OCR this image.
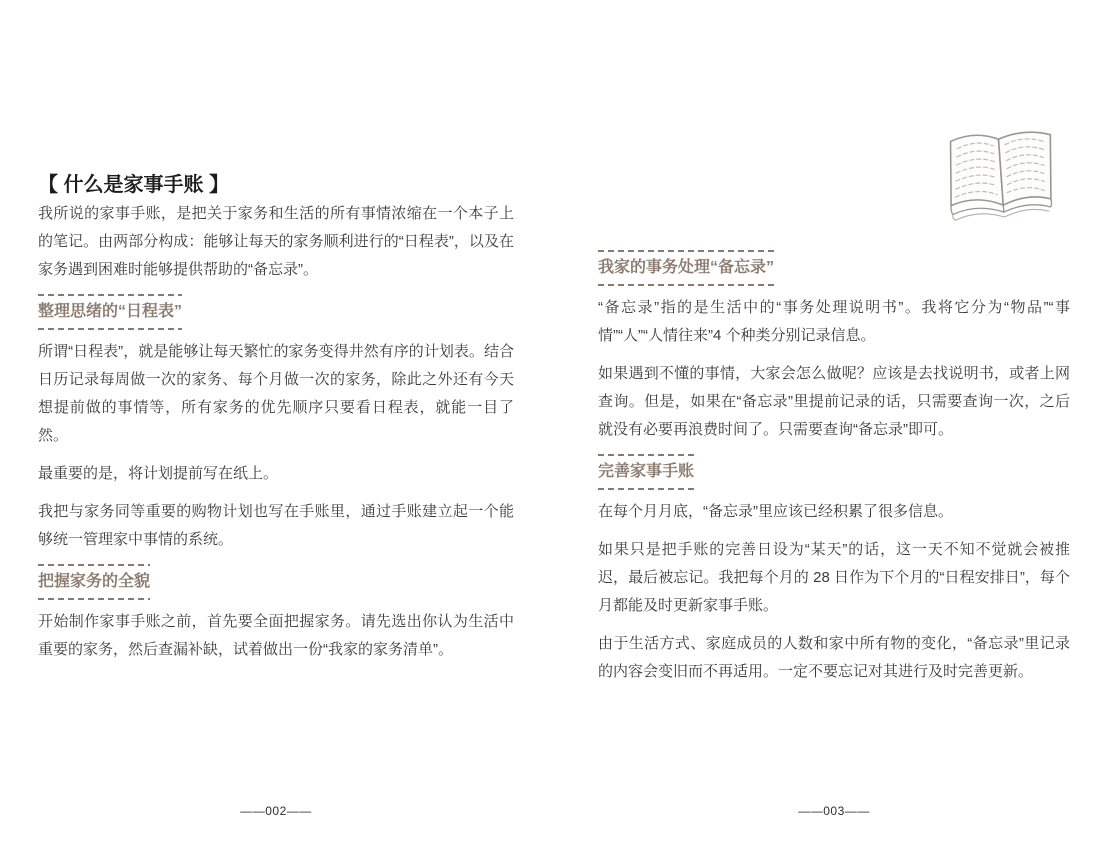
【 什么是家事手账 】

我所说的家事手账，是把关于家务和生活的所有事情浓缩在一个本子上的笔记。由两部分构成：能够让每天的家务顺利进行的“日程表”，以及在家务遇到困难时能够提供帮助的“备忘录”。

整理思绪的“日程表”

所谓“日程表”，就是能够让每天繁忙的家务变得井然有序的计划表。结合日历记录每周做一次的家务、每个月做一次的家务，除此之外还有今天想提前做的事情等，所有家务的优先顺序只要看日程表，就能一目了然。

最重要的是，将计划提前写在纸上。

我把与家务同等重要的购物计划也写在手账里，通过手账建立起一个能够统一管理家中事情的系统。

把握家务的全貌

开始制作家事手账之前，首先要全面把握家务。请先选出你认为生活中重要的家务，然后查漏补缺，试着做出一份“我家的家务清单”。

我家的事务处理“备忘录”

“备忘录”指的是生活中的“事务处理说明书”。我将它分为“物品”“事情”“人”“人情往来”4 个种类分别记录信息。

如果遇到不懂的事情，大家会怎么做呢？应该是去找说明书，或者上网查询。但是，如果在“备忘录”里提前记录的话，只需要查询一次，之后就没有必要再浪费时间了。只需要查询“备忘录”即可。

完善家事手账

在每个月月底，“备忘录”里应该已经积累了很多信息。

如果只是把手账的完善日设为“某天”的话，这一天不知不觉就会被推迟，最后被忘记。我把每个月的 28 日作为下个月的“日程安排日”，每个月都能及时更新家事手账。

由于生活方式、家庭成员的人数和家中所有物的变化，“备忘录”里记录的内容会变旧而不再适用。一定不要忘记对其进行及时完善更新。

——002——	——003——
